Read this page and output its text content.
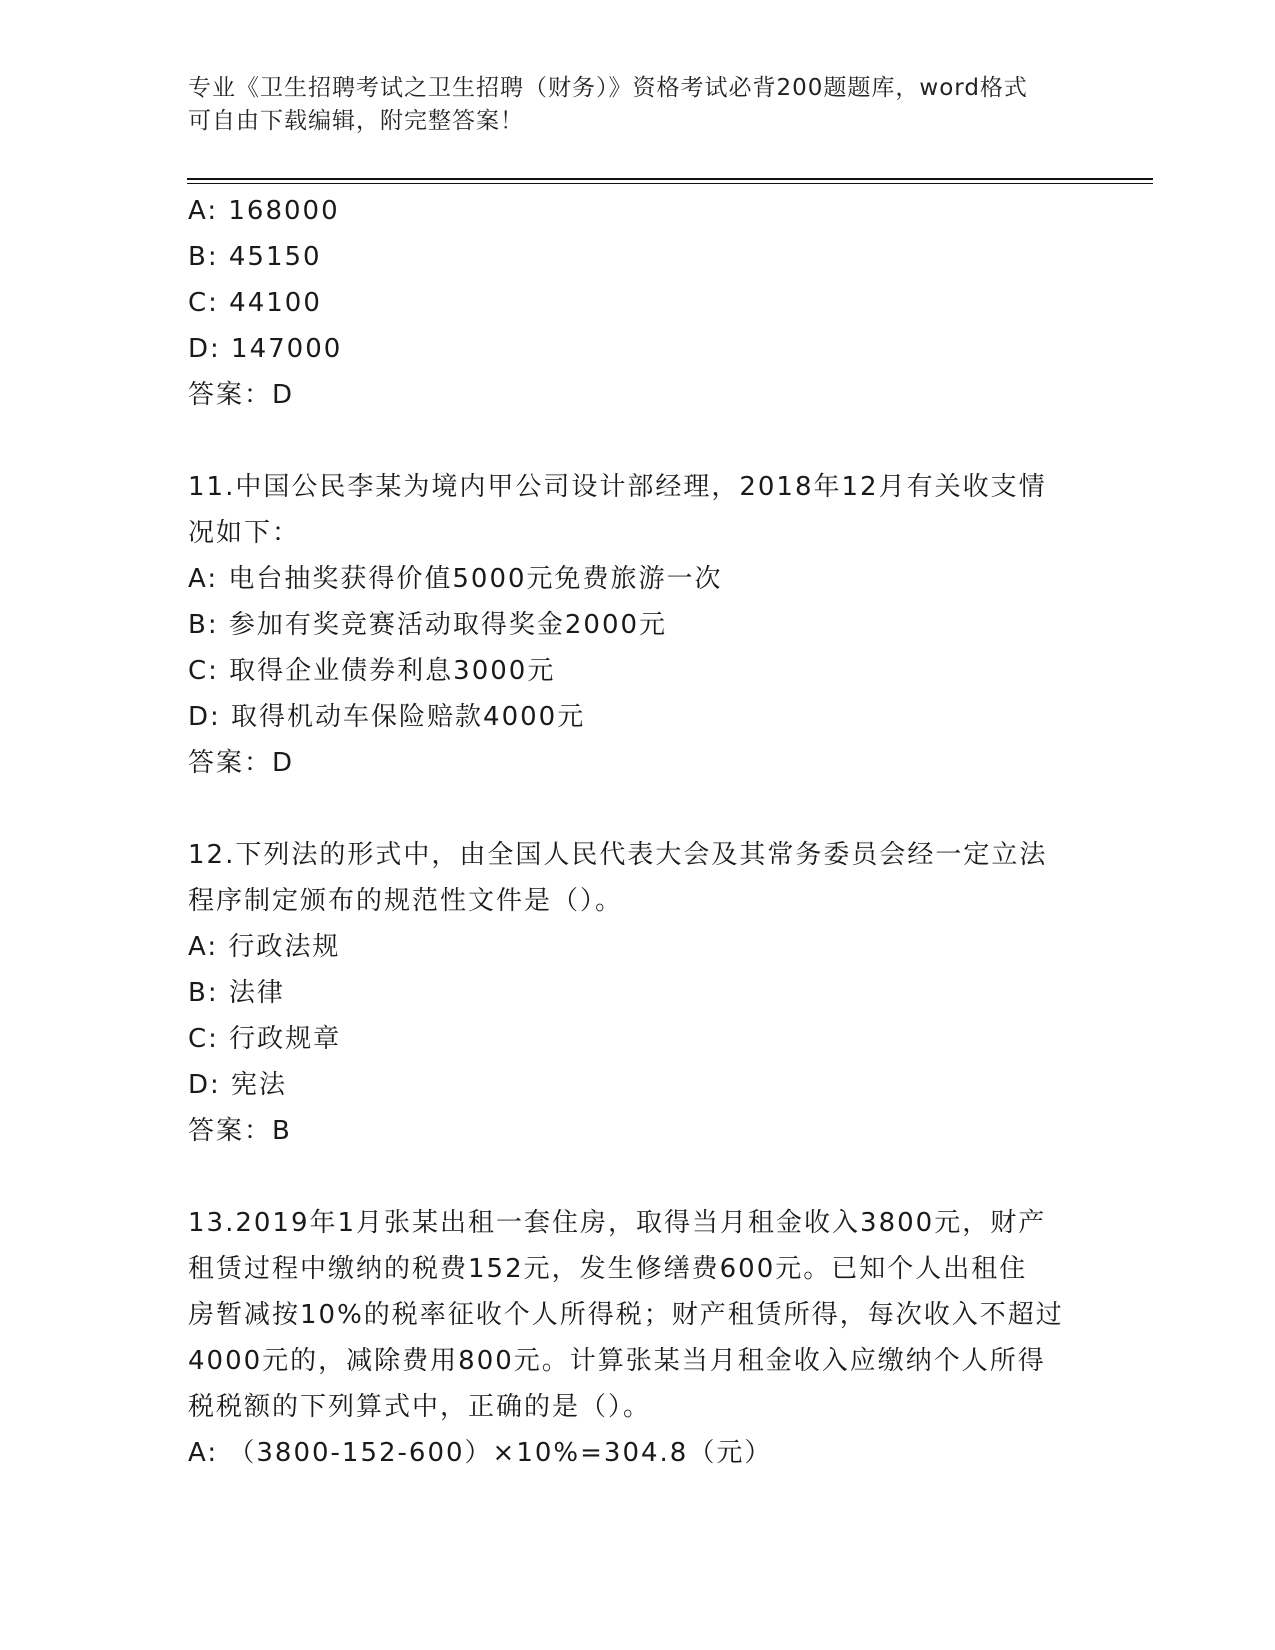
专业《卫生招聘考试之卫生招聘（财务）》资格考试必背200题题库，word格式
可自由下载编辑，附完整答案！
A: 168000
B: 45150
C: 44100
D: 147000
答案：D
11.中国公民李某为境内甲公司设计部经理，2018年12月有关收支情
况如下：
A: 电台抽奖获得价值5000元免费旅游一次
B: 参加有奖竞赛活动取得奖金2000元
C: 取得企业债券利息3000元
D: 取得机动车保险赔款4000元
答案：D
12.下列法的形式中，由全国人民代表大会及其常务委员会经一定立法
程序制定颁布的规范性文件是（）。
A: 行政法规
B: 法律
C: 行政规章
D: 宪法
答案：B
13.2019年1月张某出租一套住房，取得当月租金收入3800元，财产
租赁过程中缴纳的税费152元，发生修缮费600元。已知个人出租住
房暂减按10%的税率征收个人所得税；财产租赁所得，每次收入不超过
4000元的，减除费用800元。计算张某当月租金收入应缴纳个人所得
税税额的下列算式中，正确的是（）。
A: （3800-152-600）×10%=304.8（元）
